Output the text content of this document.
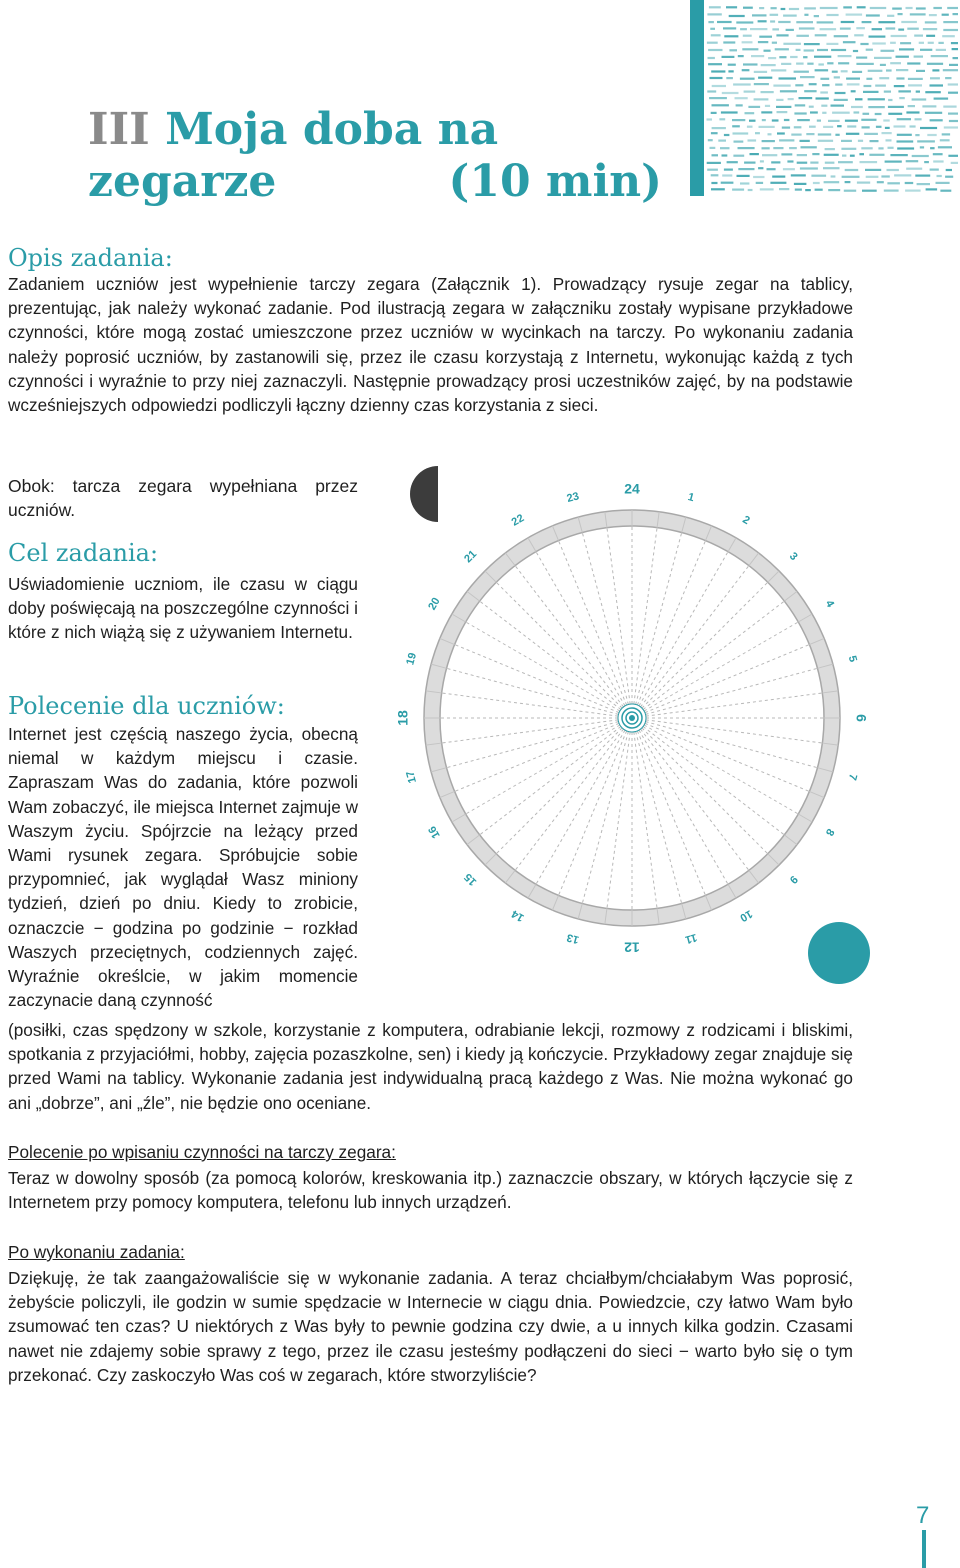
III Moja doba na zegarze	(10 min)
Opis zadania:

Zadaniem uczniów jest wypełnienie tarczy zegara (Załącznik 1). Prowadzący rysuje zegar na tablicy, prezentując, jak należy wykonać zadanie. Pod ilustracją zegara w załączniku zostały wypisane przykładowe czynności, które mogą zostać umieszczone przez uczniów w wycinkach na tarczy. Po wykonaniu zadania należy poprosić uczniów, by zastanowili się, przez ile czasu korzystają z Internetu, wykonując każdą z tych czynności i wyraźnie to przy niej zaznaczyli. Następnie prowadzący prosi uczestników zajęć, by na podstawie wcześniejszych odpowiedzi podliczyli łączny dzienny czas korzystania z sieci.

Obok: tarcza zegara wypełniana przez uczniów.

Cel zadania:

Uświadomienie uczniom, ile czasu w ciągu doby poświęcają na poszczególne czynności i które z nich wiążą się z używaniem Internetu.

Polecenie dla uczniów:

Internet jest częścią naszego życia, obecną niemal w każdym miejscu i czasie. Zapraszam Was do zadania, które pozwoli Wam zobaczyć, ile miejsca Internet zajmuje w Waszym życiu. Spójrzcie na leżący przed Wami rysunek zegara. Spróbujcie sobie przypomnieć, jak wyglądał Wasz miniony tydzień, dzień po dniu. Kiedy to zrobicie, oznaczcie − godzina po godzinie − rozkład Waszych przeciętnych, codziennych zajęć. Wyraźnie określcie, w jakim momencie zaczynacie daną czynność

(posiłki, czas spędzony w szkole, korzystanie z komputera, odrabianie lekcji, rozmowy z rodzicami i bliskimi, spotkania z przyjaciółmi, hobby, zajęcia pozaszkolne, sen) i kiedy ją kończycie. Przykładowy zegar znajduje się przed Wami na tablicy. Wykonanie zadania jest indywidualną pracą każdego z Was. Nie można wykonać go ani „dobrze”, ani „źle”, nie będzie ono oceniane.

Polecenie po wpisaniu czynności na tarczy zegara:

Teraz w dowolny sposób (za pomocą kolorów, kreskowania itp.) zaznaczcie obszary, w których łączycie się z Internetem przy pomocy komputera, telefonu lub innych urządzeń.

Po wykonaniu zadania:

Dziękuję, że tak zaangażowaliście się w wykonanie zadania. A teraz chciałbym/chciałabym Was poprosić, żebyście policzyli, ile godzin w sumie spędzacie w Internecie w ciągu dnia. Powiedzcie, czy łatwo Wam było zsumować ten czas? U niektórych z Was były to pewnie godzina czy dwie, a u innych kilka godzin. Czasami nawet nie zdajemy sobie sprawy z tego, przez ile czasu jesteśmy podłączeni do sieci − warto było się o tym przekonać. Czy zaskoczyło Was coś w zegarach, które stworzyliście?

24
1
2
3
4
5
6
7
8
9
10
11
12
13
14
15
16
17
18
19
20
21
22
23
7
